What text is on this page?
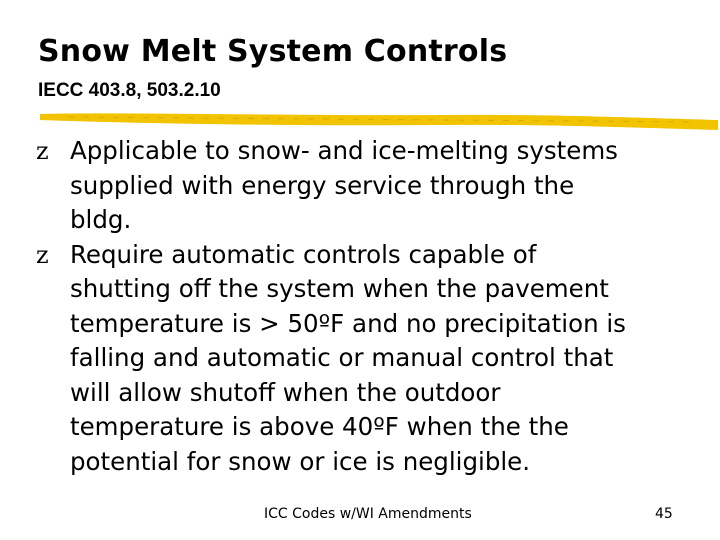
Snow Melt System Controls
IECC 403.8, 503.2.10
z Applicable to snow- and ice-melting systems
supplied with energy service through the
bldg.
z Require automatic controls capable of
shutting off the system when the pavement
temperature is > 50ºF and no precipitation is
falling and automatic or manual control that
will allow shutoff when the outdoor
temperature is above 40ºF when the the
potential for snow or ice is negligible.
ICC Codes w/WI Amendments	45
